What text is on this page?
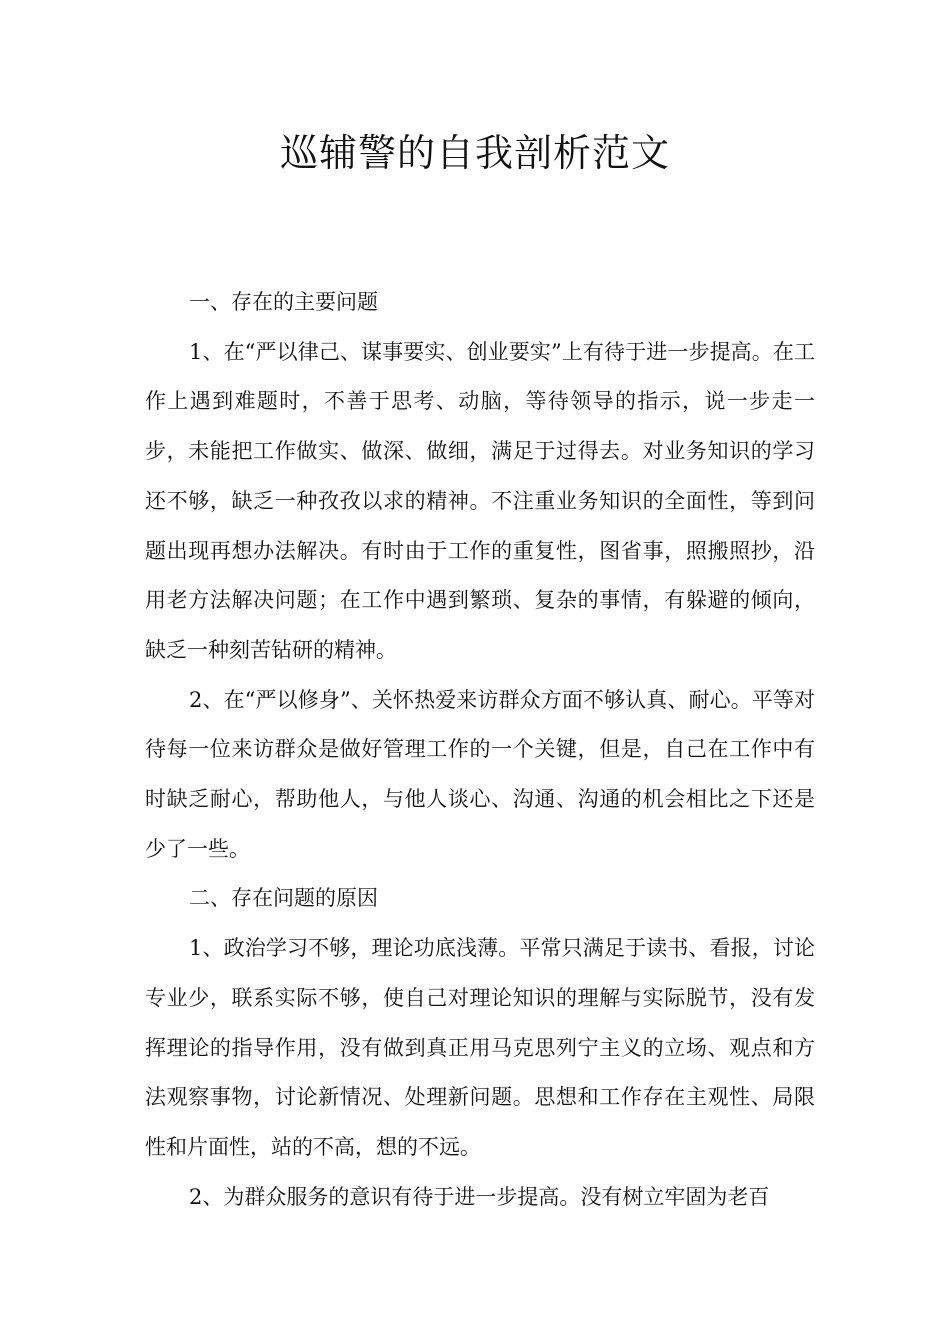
巡辅警的自我剖析范文

一、存在的主要问题

1、在“严以律己、谋事要实、创业要实”上有待于进一步提高。在工作上遇到难题时，不善于思考、动脑，等待领导的指示，说一步走一步，未能把工作做实、做深、做细，满足于过得去。对业务知识的学习还不够，缺乏一种孜孜以求的精神。不注重业务知识的全面性，等到问题出现再想办法解决。有时由于工作的重复性，图省事，照搬照抄，沿用老方法解决问题；在工作中遇到繁琐、复杂的事情，有躲避的倾向，缺乏一种刻苦钻研的精神。

2、在“严以修身”、关怀热爱来访群众方面不够认真、耐心。平等对待每一位来访群众是做好管理工作的一个关键，但是，自己在工作中有时缺乏耐心，帮助他人，与他人谈心、沟通、沟通的机会相比之下还是少了一些。

二、存在问题的原因

1、政治学习不够，理论功底浅薄。平常只满足于读书、看报，讨论专业少，联系实际不够，使自己对理论知识的理解与实际脱节，没有发挥理论的指导作用，没有做到真正用马克思列宁主义的立场、观点和方法观察事物，讨论新情况、处理新问题。思想和工作存在主观性、局限性和片面性，站的不高，想的不远。

2、为群众服务的意识有待于进一步提高。没有树立牢固为老百
